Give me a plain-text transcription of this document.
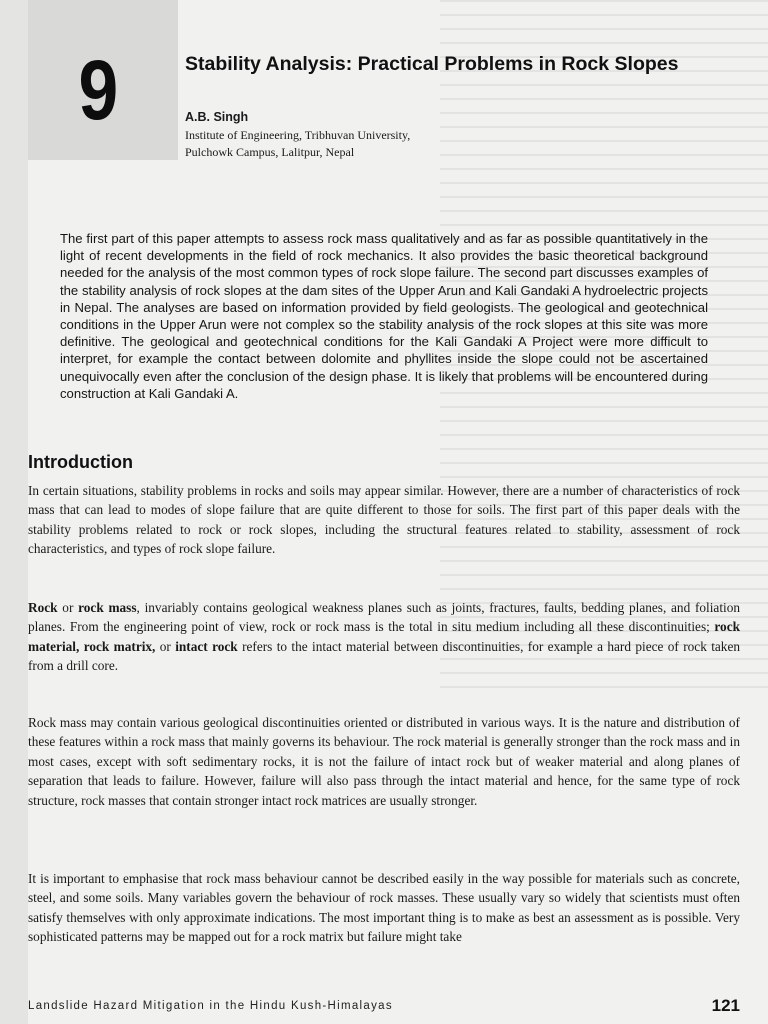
9	Stability Analysis: Practical Problems in Rock Slopes
A.B. Singh
Institute of Engineering, Tribhuvan University,
Pulchowk Campus, Lalitpur, Nepal
The first part of this paper attempts to assess rock mass qualitatively and as far as possible quantitatively in the light of recent developments in the field of rock mechanics. It also provides the basic theoretical background needed for the analysis of the most common types of rock slope failure. The second part discusses examples of the stability analysis of rock slopes at the dam sites of the Upper Arun and Kali Gandaki A hydroelectric projects in Nepal. The analyses are based on information provided by field geologists. The geological and geotechnical conditions in the Upper Arun were not complex so the stability analysis of the rock slopes at this site was more definitive. The geological and geotechnical conditions for the Kali Gandaki A Project were more difficult to interpret, for example the contact between dolomite and phyllites inside the slope could not be ascertained unequivocally even after the conclusion of the design phase. It is likely that problems will be encountered during construction at Kali Gandaki A.
Introduction
In certain situations, stability problems in rocks and soils may appear similar. However, there are a number of characteristics of rock mass that can lead to modes of slope failure that are quite different to those for soils. The first part of this paper deals with the stability problems related to rock or rock slopes, including the structural features related to stability, assessment of rock characteristics, and types of rock slope failure.
Rock or rock mass, invariably contains geological weakness planes such as joints, fractures, faults, bedding planes, and foliation planes. From the engineering point of view, rock or rock mass is the total in situ medium including all these discontinuities; rock material, rock matrix, or intact rock refers to the intact material between discontinuities, for example a hard piece of rock taken from a drill core.
Rock mass may contain various geological discontinuities oriented or distributed in various ways. It is the nature and distribution of these features within a rock mass that mainly governs its behaviour. The rock material is generally stronger than the rock mass and in most cases, except with soft sedimentary rocks, it is not the failure of intact rock but of weaker material and along planes of separation that leads to failure. However, failure will also pass through the intact material and hence, for the same type of rock structure, rock masses that contain stronger intact rock matrices are usually stronger.
It is important to emphasise that rock mass behaviour cannot be described easily in the way possible for materials such as concrete, steel, and some soils. Many variables govern the behaviour of rock masses. These usually vary so widely that scientists must often satisfy themselves with only approximate indications. The most important thing is to make as best an assessment as is possible. Very sophisticated patterns may be mapped out for a rock matrix but failure might take
Landslide Hazard Mitigation in the Hindu Kush-Himalayas	121
